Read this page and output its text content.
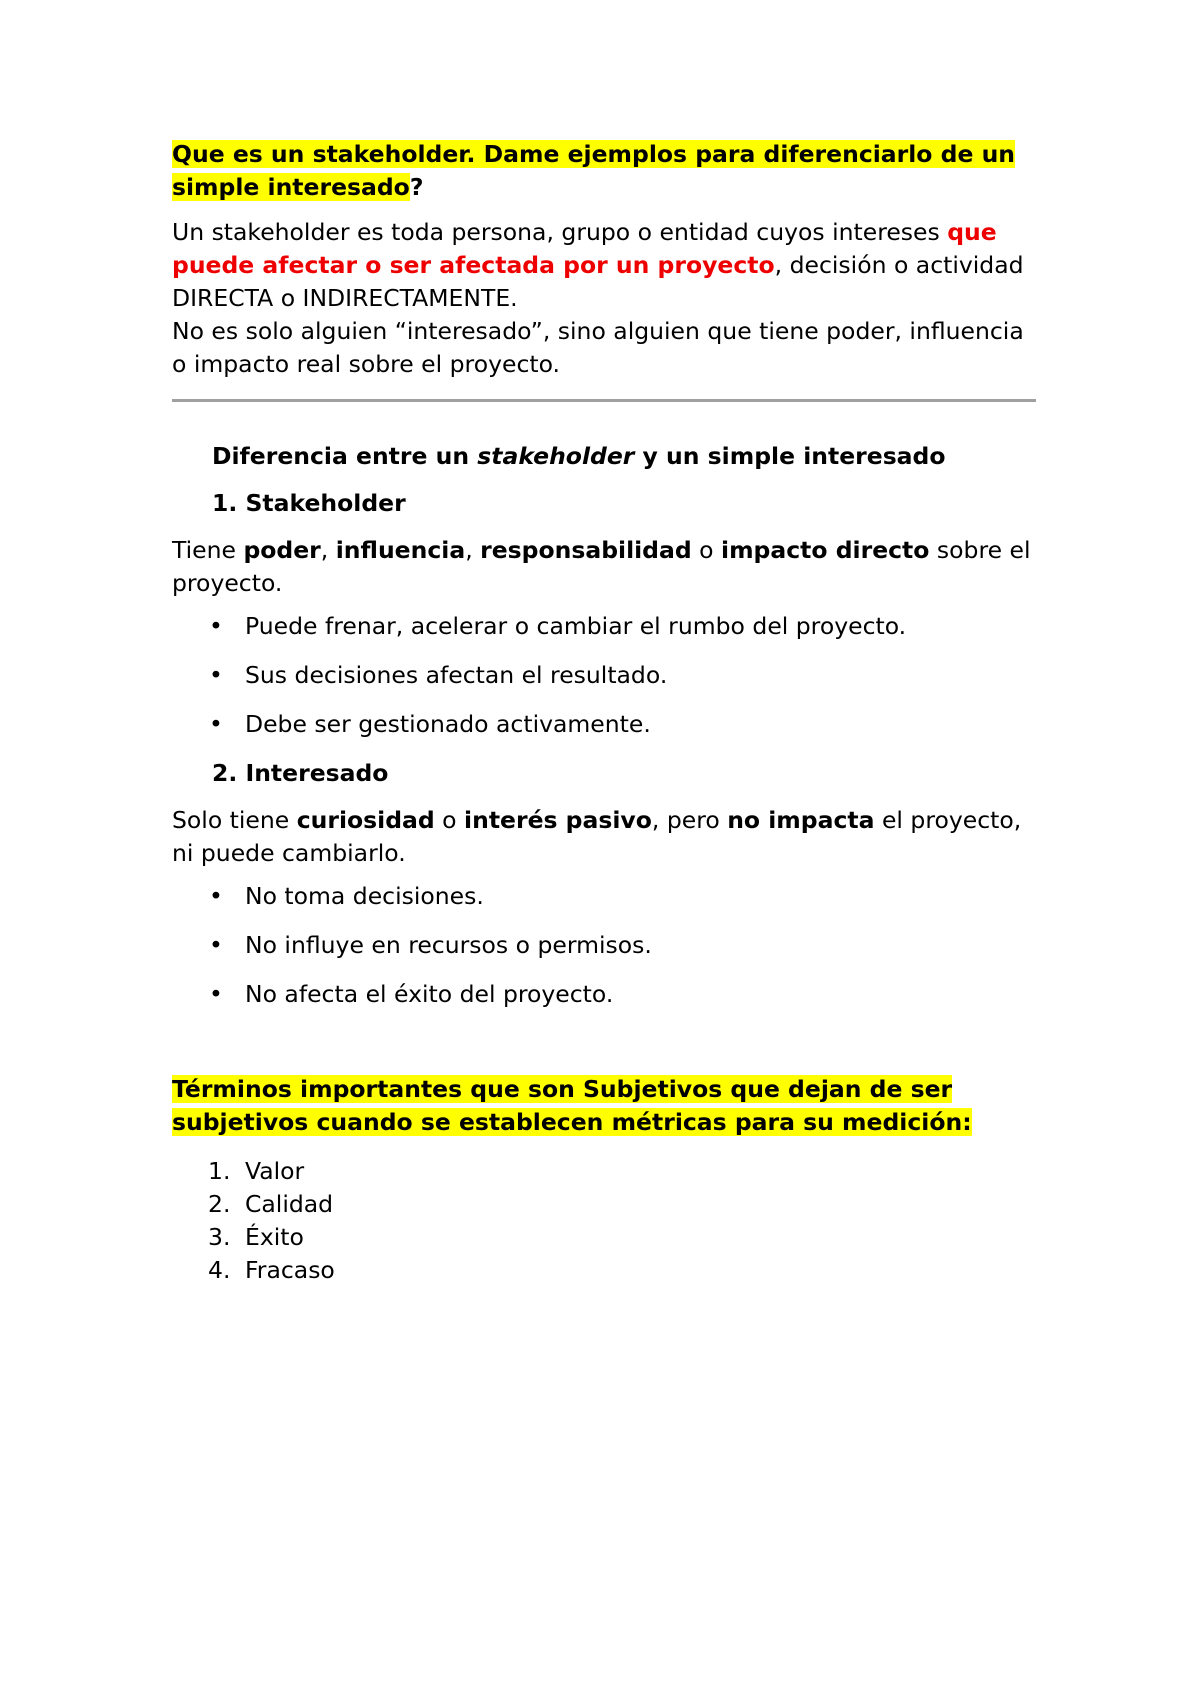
Que es un stakeholder. Dame ejemplos para diferenciarlo de un simple interesado?

Un stakeholder es toda persona, grupo o entidad cuyos intereses que puede afectar o ser afectada por un proyecto, decisión o actividad DIRECTA o INDIRECTAMENTE.

No es solo alguien “interesado”, sino alguien que tiene poder, influencia o impacto real sobre el proyecto.

Diferencia entre un stakeholder y un simple interesado

1. Stakeholder

Tiene poder, influencia, responsabilidad o impacto directo sobre el proyecto.

• Puede frenar, acelerar o cambiar el rumbo del proyecto.
• Sus decisiones afectan el resultado.
• Debe ser gestionado activamente.

2. Interesado

Solo tiene curiosidad o interés pasivo, pero no impacta el proyecto, ni puede cambiarlo.

• No toma decisiones.
• No influye en recursos o permisos.
• No afecta el éxito del proyecto.

Términos importantes que son Subjetivos que dejan de ser subjetivos cuando se establecen métricas para su medición:

1. Valor
2. Calidad
3. Éxito
4. Fracaso
